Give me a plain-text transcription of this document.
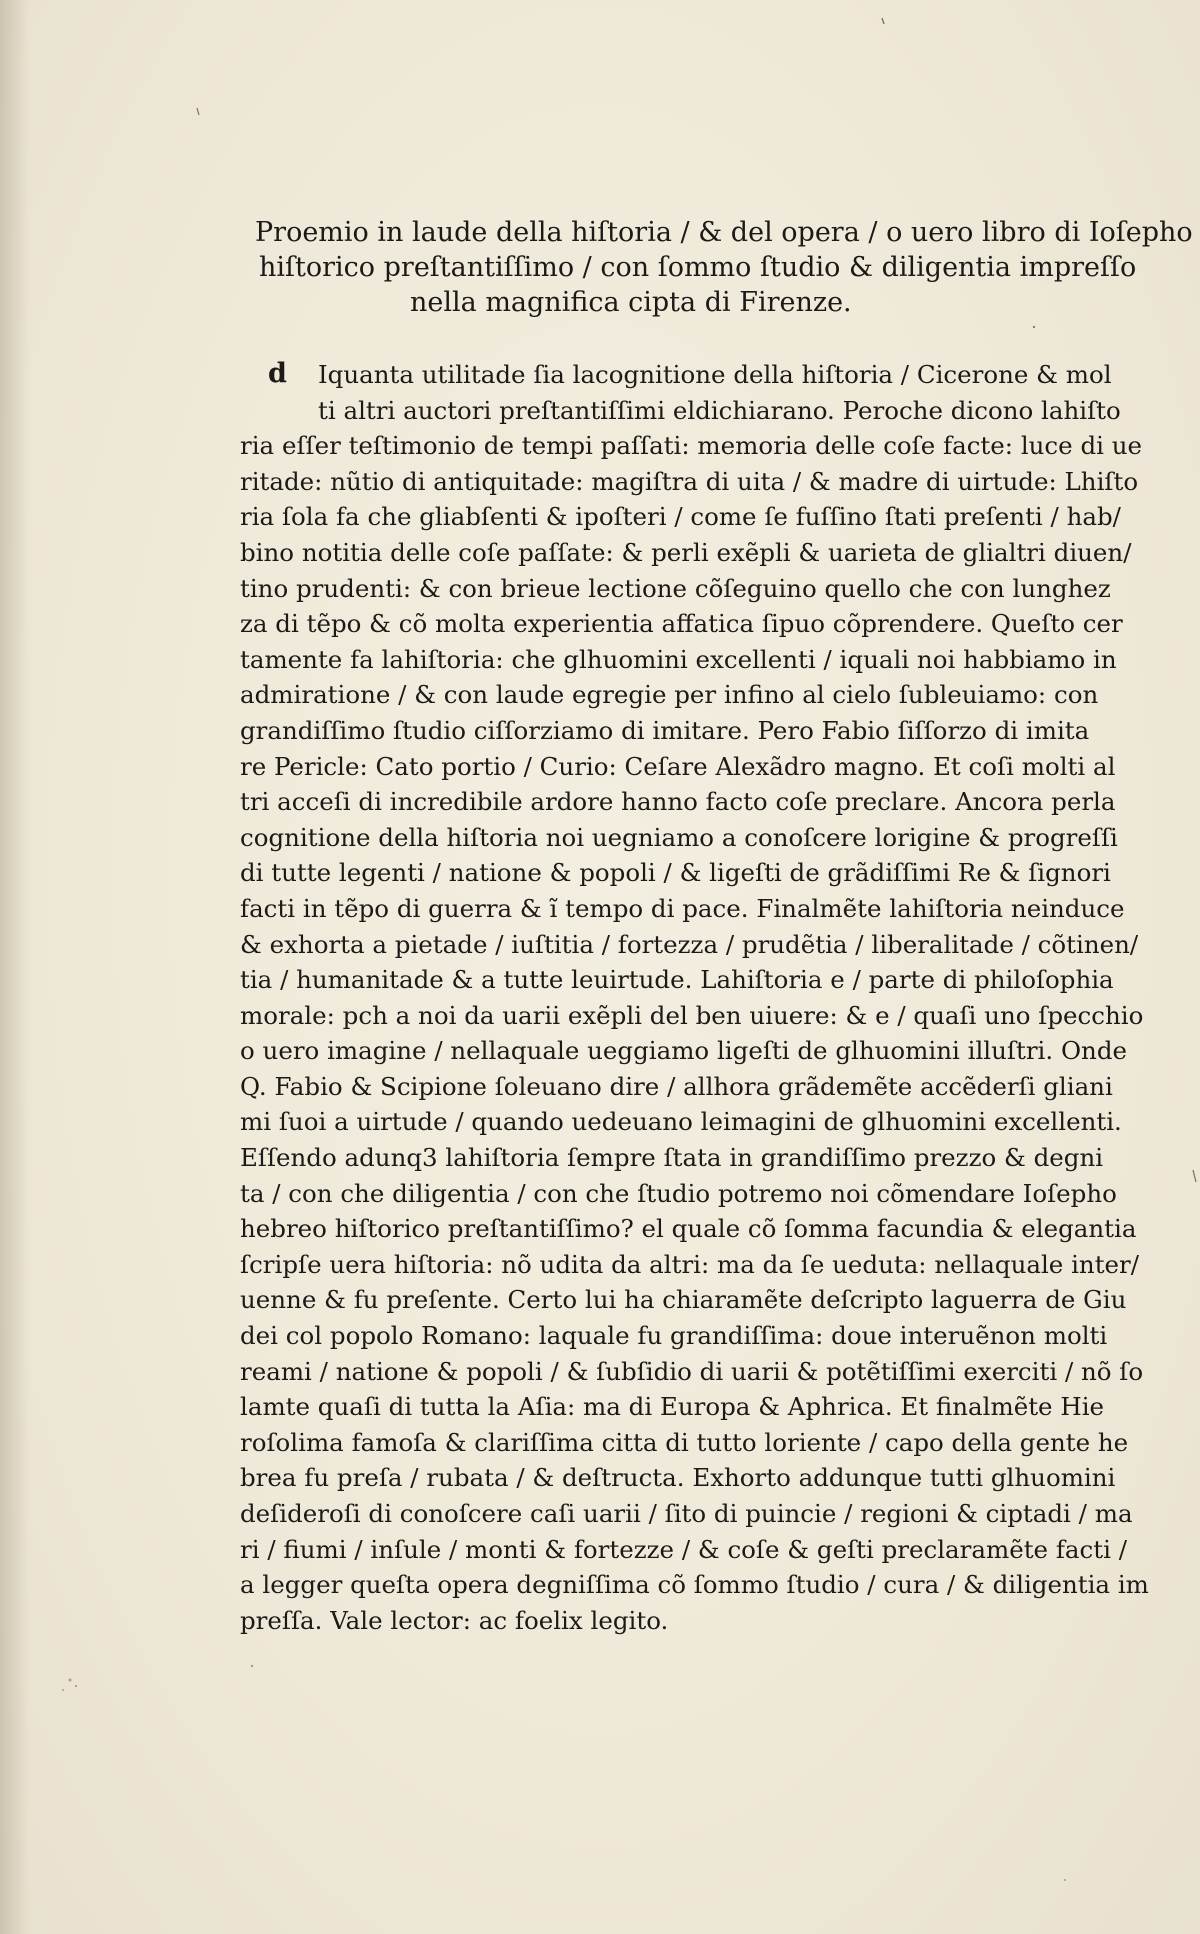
Proemio in laude della hiſtoria / & del opera / o uero libro di Ioſepho
hiſtorico preſtantiſſimo / con ſommo ſtudio & diligentia impreſſo
nella magnifica cipta di Firenze.
d	Iquanta utilitade ſia lacognitione della hiſtoria / Cicerone & mol
ti altri auctori preſtantiſſimi eldichiarano. Peroche dicono lahiſto
ria eſſer teſtimonio de tempi paſſati: memoria delle coſe facte: luce di ue
ritade: nũtio di antiquitade: magiſtra di uita / & madre di uirtude: Lhiſto
ria ſola fa che gliabſenti & ipoſteri / come ſe fuſſino ſtati preſenti / hab/
bino notitia delle coſe paſſate: & perli exẽpli & uarieta de glialtri diuen/
tino prudenti: & con brieue lectione cõſeguino quello che con lunghez
za di tẽpo & cõ molta experientia affatica ſipuo cõprendere. Queſto cer
tamente fa lahiſtoria: che glhuomini excellenti / iquali noi habbiamo in
admiratione / & con laude egregie per infino al cielo ſubleuiamo: con
grandiſſimo ſtudio ciſſorziamo di imitare. Pero Fabio ſiſſorzo di imita
re Pericle: Cato portio / Curio: Ceſare Alexãdro magno. Et coſi molti al
tri acceſi di incredibile ardore hanno facto coſe preclare. Ancora perla
cognitione della hiſtoria noi uegniamo a conoſcere lorigine & progreſſi
di tutte legenti / natione & popoli / & ligeſti de grãdiſſimi Re & ſignori
facti in tẽpo di guerra & ĩ tempo di pace. Finalmẽte lahiſtoria neinduce
& exhorta a pietade / iuſtitia / fortezza / prudẽtia / liberalitade / cõtinen/
tia / humanitade & a tutte leuirtude. Lahiſtoria e / parte di philoſophia
morale: pch a noi da uarii exẽpli del ben uiuere: & e / quaſi uno ſpecchio
o uero imagine / nellaquale ueggiamo ligeſti de glhuomini illuſtri. Onde
Q. Fabio & Scipione ſoleuano dire / allhora grãdemẽte accẽderſi gliani
mi ſuoi a uirtude / quando uedeuano leimagini de glhuomini excellenti.
Eſſendo adunq3 lahiſtoria ſempre ſtata in grandiſſimo prezzo & degni
ta / con che diligentia / con che ſtudio potremo noi cõmendare Ioſepho
hebreo hiſtorico preſtantiſſimo? el quale cõ ſomma facundia & elegantia
ſcripſe uera hiſtoria: nõ udita da altri: ma da ſe ueduta: nellaquale inter/
uenne & fu preſente. Certo lui ha chiaramẽte deſcripto laguerra de Giu
dei col popolo Romano: laquale fu grandiſſima: doue interuẽnon molti
reami / natione & popoli / & ſubſidio di uarii & potẽtiſſimi exerciti / nõ ſo
lamte quaſi di tutta la Aſia: ma di Europa & Aphrica. Et finalmẽte Hie
roſolima famoſa & clariſſima citta di tutto loriente / capo della gente he
brea fu preſa / rubata / & deſtructa. Exhorto addunque tutti glhuomini
deſideroſi di conoſcere caſi uarii / ſito di puincie / regioni & ciptadi / ma
ri / fiumi / inſule / monti & fortezze / & coſe & geſti preclaramẽte facti /
a legger queſta opera degniſſima cõ ſommo ſtudio / cura / & diligentia im
preſſa. Vale lector: ac foelix legito.
